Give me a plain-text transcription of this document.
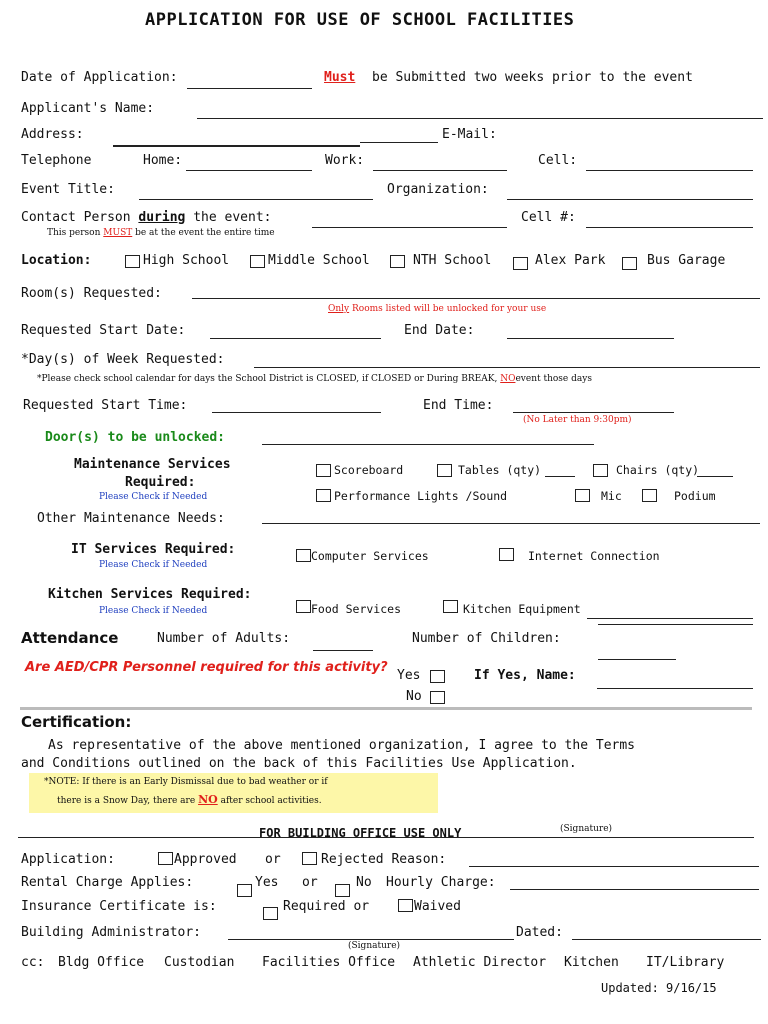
APPLICATION FOR USE OF SCHOOL FACILITIES
Date of Application:	Must be Submitted two weeks prior to the event
Applicant's Name:
Address:	E-Mail:
Telephone	Home:	Work:	Cell:
Event Title:	Organization:
Contact Person during the event:	Cell #:
This person MUST be at the event the entire time
Location:	High School	Middle School	NTH School	Alex Park	Bus Garage
Room(s) Requested:
Only Rooms listed will be unlocked for your use
Requested Start Date:	End Date:
*Day(s) of Week Requested:
*Please check school calendar for days the School District is CLOSED, if CLOSED or During BREAK, NOevent those days
Requested Start Time:	End Time:
(No Later than 9:30pm)
Door(s) to be unlocked:
Maintenance Services
Required:
Please Check if Needed
Scoreboard	Tables (qty)	Chairs (qty)
Performance Lights /Sound	Mic	Podium
Other Maintenance Needs:
IT Services Required:
Please Check if Needed
Computer Services	Internet Connection
Kitchen Services Required:
Please Check if Needed	Food Services	Kitchen Equipment
Attendance	Number of Adults:	Number of Children:
Are AED/CPR Personnel required for this activity?
Yes
No
If Yes, Name:
Certification:
As representative of the above mentioned organization, I agree to the Terms
and Conditions outlined on the back of this Facilities Use Application.
*NOTE: If there is an Early Dismissal due to bad weather or if
there is a Snow Day, there are NO after school activities.
FOR BUILDING OFFICE USE ONLY	(Signature)
Application:	Approved or	Rejected Reason:
Rental Charge Applies:	Yes or	No Hourly Charge:
Insurance Certificate is:	Required or	Waived
Building Administrator:	Dated:
(Signature)
cc: Bldg Office Custodian Facilities Office Athletic Director Kitchen IT/Library
Updated: 9/16/15
